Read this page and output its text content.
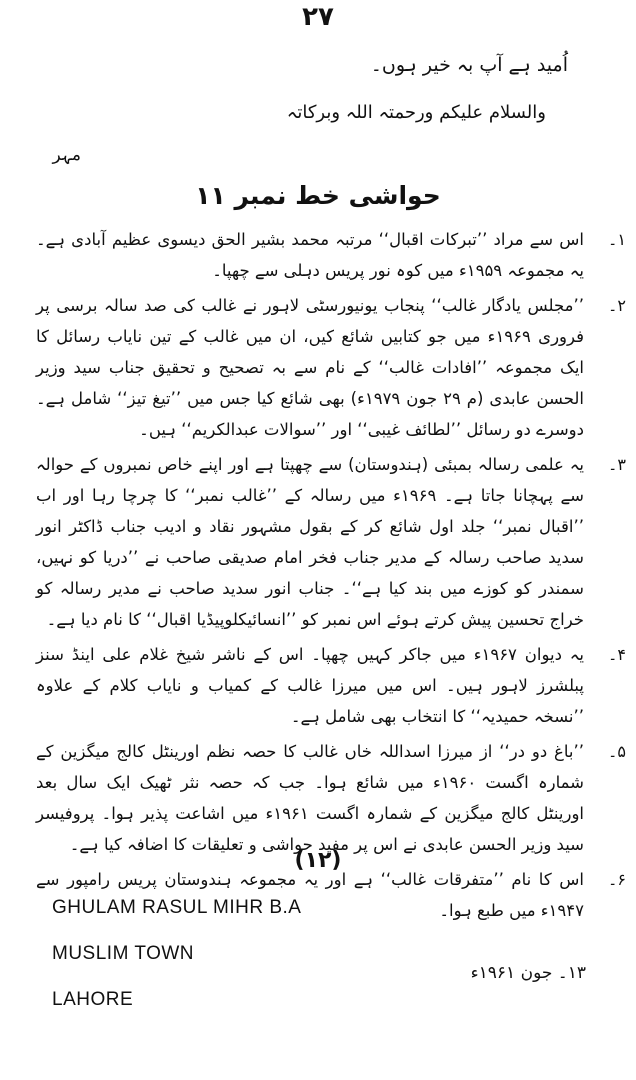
۲۷
اُمید ہے آپ بہ خیر ہوں۔
والسلام علیکم ورحمتہ اللہ وبرکاتہ
مہر
حواشی خط نمبر ۱۱
۱۔
اس سے مراد ’’تبرکات اقبال‘‘ مرتبہ محمد بشیر الحق دیسوی عظیم آبادی ہے۔ یہ مجموعہ ۱۹۵۹ء میں کوہ نور پریس دہلی سے چھپا۔
۲۔
’’مجلس یادگار غالب‘‘ پنجاب یونیورسٹی لاہور نے غالب کی صد سالہ برسی پر فروری ۱۹۶۹ء میں جو کتابیں شائع کیں، ان میں غالب کے تین نایاب رسائل کا ایک مجموعہ ’’افادات غالب‘‘ کے نام سے بہ تصحیح و تحقیق جناب سید وزیر الحسن عابدی (م ۲۹ جون ۱۹۷۹ء) بھی شائع کیا جس میں ’’تیغ تیز‘‘ شامل ہے۔ دوسرے دو رسائل ’’لطائف غیبی‘‘ اور ’’سوالات عبدالکریم‘‘ ہیں۔
۳۔
یہ علمی رسالہ بمبئی (ہندوستان) سے چھپتا ہے اور اپنے خاص نمبروں کے حوالہ سے پہچانا جاتا ہے۔ ۱۹۶۹ء میں رسالہ کے ’’غالب نمبر‘‘ کا چرچا رہا اور اب ’’اقبال نمبر‘‘ جلد اول شائع کر کے بقول مشہور نقاد و ادیب جناب ڈاکٹر انور سدید صاحب رسالہ کے مدیر جناب فخر امام صدیقی صاحب نے ’’دریا کو نہیں، سمندر کو کوزے میں بند کیا ہے‘‘۔ جناب انور سدید صاحب نے مدیر رسالہ کو خراج تحسین پیش کرتے ہوئے اس نمبر کو ’’انسائیکلوپیڈیا اقبال‘‘ کا نام دیا ہے۔
۴۔
یہ دیوان ۱۹۶۷ء میں جاکر کہیں چھپا۔ اس کے ناشر شیخ غلام علی اینڈ سنز پبلشرز لاہور ہیں۔ اس میں میرزا غالب کے کمیاب و نایاب کلام کے علاوہ ’’نسخہ حمیدیہ‘‘ کا انتخاب بھی شامل ہے۔
۵۔
’’باغ دو در‘‘ از میرزا اسداللہ خاں غالب کا حصہ نظم اورینٹل کالج میگزین کے شمارہ اگست ۱۹۶۰ء میں شائع ہوا۔ جب کہ حصہ نثر ٹھیک ایک سال بعد اورینٹل کالج میگزین کے شمارہ اگست ۱۹۶۱ء میں اشاعت پذیر ہوا۔ پروفیسر سید وزیر الحسن عابدی نے اس پر مفید حواشی و تعلیقات کا اضافہ کیا ہے۔
۶۔
اس کا نام ’’متفرقات غالب‘‘ ہے اور یہ مجموعہ ہندوستان پریس رامپور سے ۱۹۴۷ء میں طبع ہوا۔
(۱۲)
GHULAM RASUL MIHR B.A
MUSLIM TOWN
LAHORE
۱۳۔ جون ۱۹۶۱ء
